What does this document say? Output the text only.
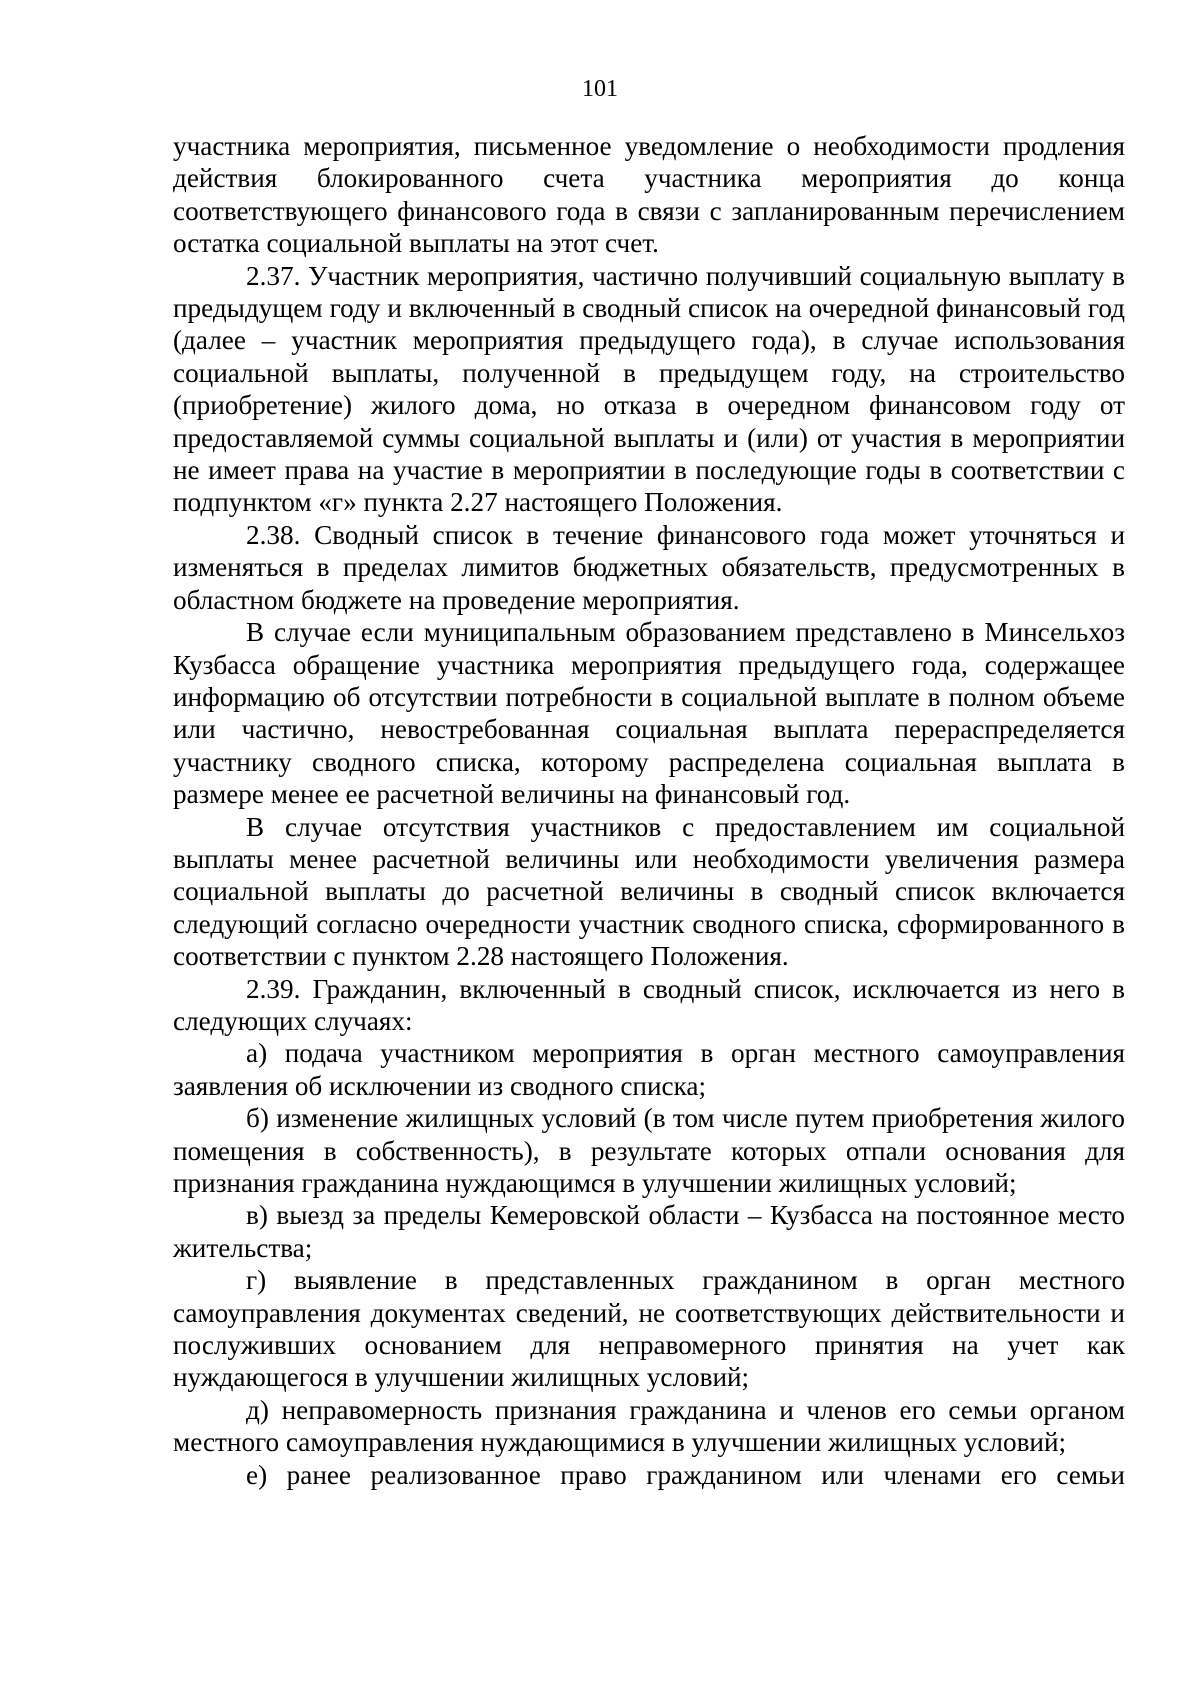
101

участника мероприятия, письменное уведомление о необходимости продления действия блокированного счета участника мероприятия до конца соответствующего финансового года в связи с запланированным перечислением остатка социальной выплаты на этот счет.

2.37. Участник мероприятия, частично получивший социальную выплату в предыдущем году и включенный в сводный список на очередной финансовый год (далее – участник мероприятия предыдущего года), в случае использования социальной выплаты, полученной в предыдущем году, на строительство (приобретение) жилого дома, но отказа в очередном финансовом году от предоставляемой суммы социальной выплаты и (или) от участия в мероприятии не имеет права на участие в мероприятии в последующие годы в соответствии с подпунктом «г» пункта 2.27 настоящего Положения.

2.38. Сводный список в течение финансового года может уточняться и изменяться в пределах лимитов бюджетных обязательств, предусмотренных в областном бюджете на проведение мероприятия.

В случае если муниципальным образованием представлено в Минсельхоз Кузбасса обращение участника мероприятия предыдущего года, содержащее информацию об отсутствии потребности в социальной выплате в полном объеме или частично, невостребованная социальная выплата перераспределяется участнику сводного списка, которому распределена социальная выплата в размере менее ее расчетной величины на финансовый год.

В случае отсутствия участников с предоставлением им социальной выплаты менее расчетной величины или необходимости увеличения размера социальной выплаты до расчетной величины в сводный список включается следующий согласно очередности участник сводного списка, сформированного в соответствии с пунктом 2.28 настоящего Положения.

2.39. Гражданин, включенный в сводный список, исключается из него в следующих случаях:

а) подача участником мероприятия в орган местного самоуправления заявления об исключении из сводного списка;

б) изменение жилищных условий (в том числе путем приобретения жилого помещения в собственность), в результате которых отпали основания для признания гражданина нуждающимся в улучшении жилищных условий;

в) выезд за пределы Кемеровской области – Кузбасса на постоянное место жительства;

г) выявление в представленных гражданином в орган местного самоуправления документах сведений, не соответствующих действительности и послуживших основанием для неправомерного принятия на учет как нуждающегося в улучшении жилищных условий;

д) неправомерность признания гражданина и членов его семьи органом местного самоуправления нуждающимися в улучшении жилищных условий;

е) ранее реализованное право гражданином или членами его семьи
